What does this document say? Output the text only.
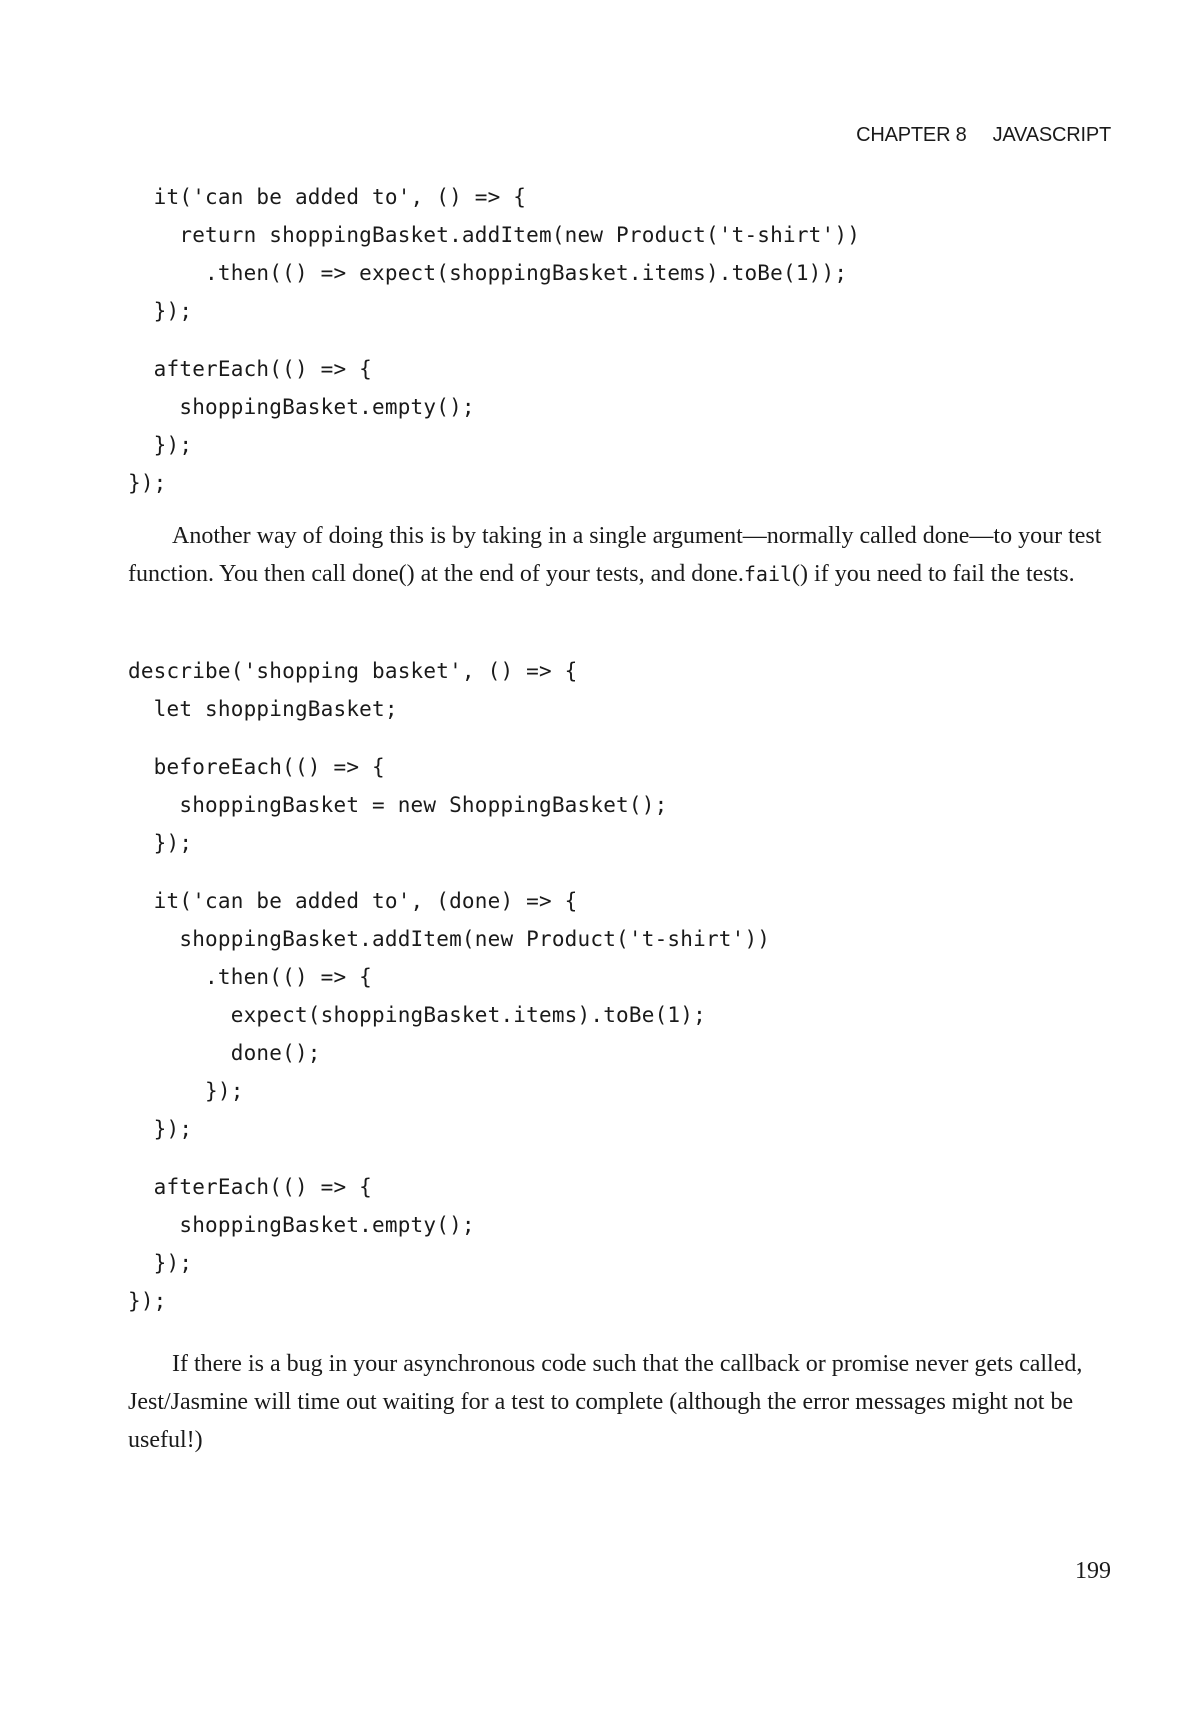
CHAPTER 8 JAVASCRIPT
it('can be added to', () => {
return shoppingBasket.addItem(new Product('t-shirt'))
.then(() => expect(shoppingBasket.items).toBe(1));
});

afterEach(() => {
shoppingBasket.empty();
});
});

Another way of doing this is by taking in a single argument—normally called done—to your test function. You then call done() at the end of your tests, and done.fail() if you need to fail the tests.

describe('shopping basket', () => {
let shoppingBasket;

beforeEach(() => {
shoppingBasket = new ShoppingBasket();
});

it('can be added to', (done) => {
shoppingBasket.addItem(new Product('t-shirt'))
.then(() => {
expect(shoppingBasket.items).toBe(1);
done();
});
});

afterEach(() => {
shoppingBasket.empty();
});
});

If there is a bug in your asynchronous code such that the callback or promise never gets called, Jest/Jasmine will time out waiting for a test to complete (although the error messages might not be useful!)

199
